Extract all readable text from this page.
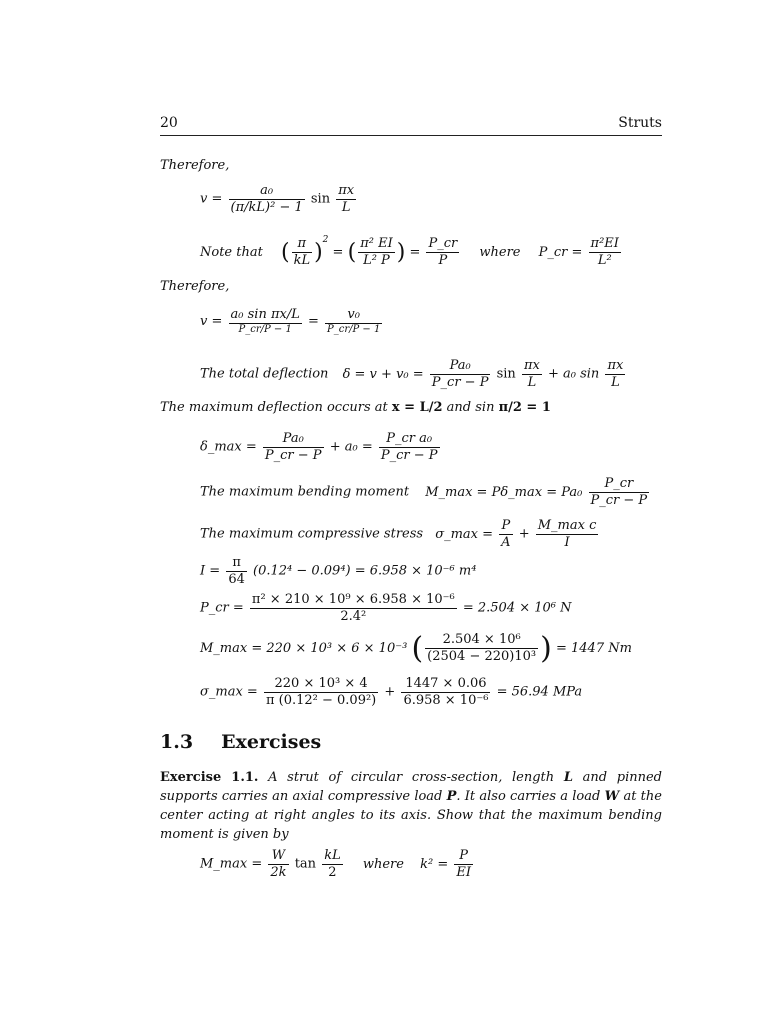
20	Struts
Therefore,
$v = \frac{\text{a₀}}{\text{(π/kL)² − 1}}$ $\sin \frac{\pi x}{L}$
Note that ( $\frac{\pi}{kL} )^2$ = ( $\frac{\text{π² EI}}{\text{L² P}}$ ) = $\frac{P\_cr}{P}$ where P_cr = $\frac{\text{π²EI}}{\text{L²}}$
Therefore,
$v = \frac{\text{a₀ sin πx/L}}{P\_cr/P - 1} = \frac{\text{v₀}}{P\_cr/P - 1}$
The total deflection $\delta = v + v_0 = \frac{\text{Pa₀}}{P\_cr - P}$ $\sin \frac{\pi x}{L} + a_0$ $\sin \frac{\pi x}{L}$
The maximum deflection occurs at x = L/2 and sin π/2 = 1
δ_max = $\frac{\text{Pa₀}}{P\_cr - P} + a_0 = \frac{\text{P\_cr a₀}}{P\_cr - P}$
The maximum bending moment M_max = Pδ_max = $Pa_0 \frac{P\_cr}{P\_cr - P}$
The maximum compressive stress σ_max = $\frac{P}{A} + \frac{\text{M\_max c}}{I}$
$I = \frac{\pi}{64} (0.12^4 - 0.09^4) = 6.958 \times 10^{-6}$ m⁴
P_cr = $\frac{\text{π² × 210 × 10⁹ × 6.958 × 10⁻⁶}}{\text{2.4²}} = 2.504 \times 10^6$ N
M_max = 220 × 10³ × 6 × 10⁻³ ( $\frac{\text{2.504 × 10⁶}}{\text{(2504 − 220)10³}}$ ) = 1447 Nm
σ_max = $\frac{\text{220 × 10³ × 4}}{\text{π (0.12² − 0.09²)}} + \frac{1447 \times 0.06}{\text{6.958 × 10⁻⁶}} = 56.94$ MPa
1.3 Exercises
Exercise 1.1. A strut of circular cross-section, length L and pinned supports carries an axial compressive load P. It also carries a load W at the center acting at right angles to its axis. Show that the maximum bending moment is given by
M_max = $\frac{W}{2k}$ $\tan \frac{kL}{2}$ where $k^2 = \frac{P}{EI}$
